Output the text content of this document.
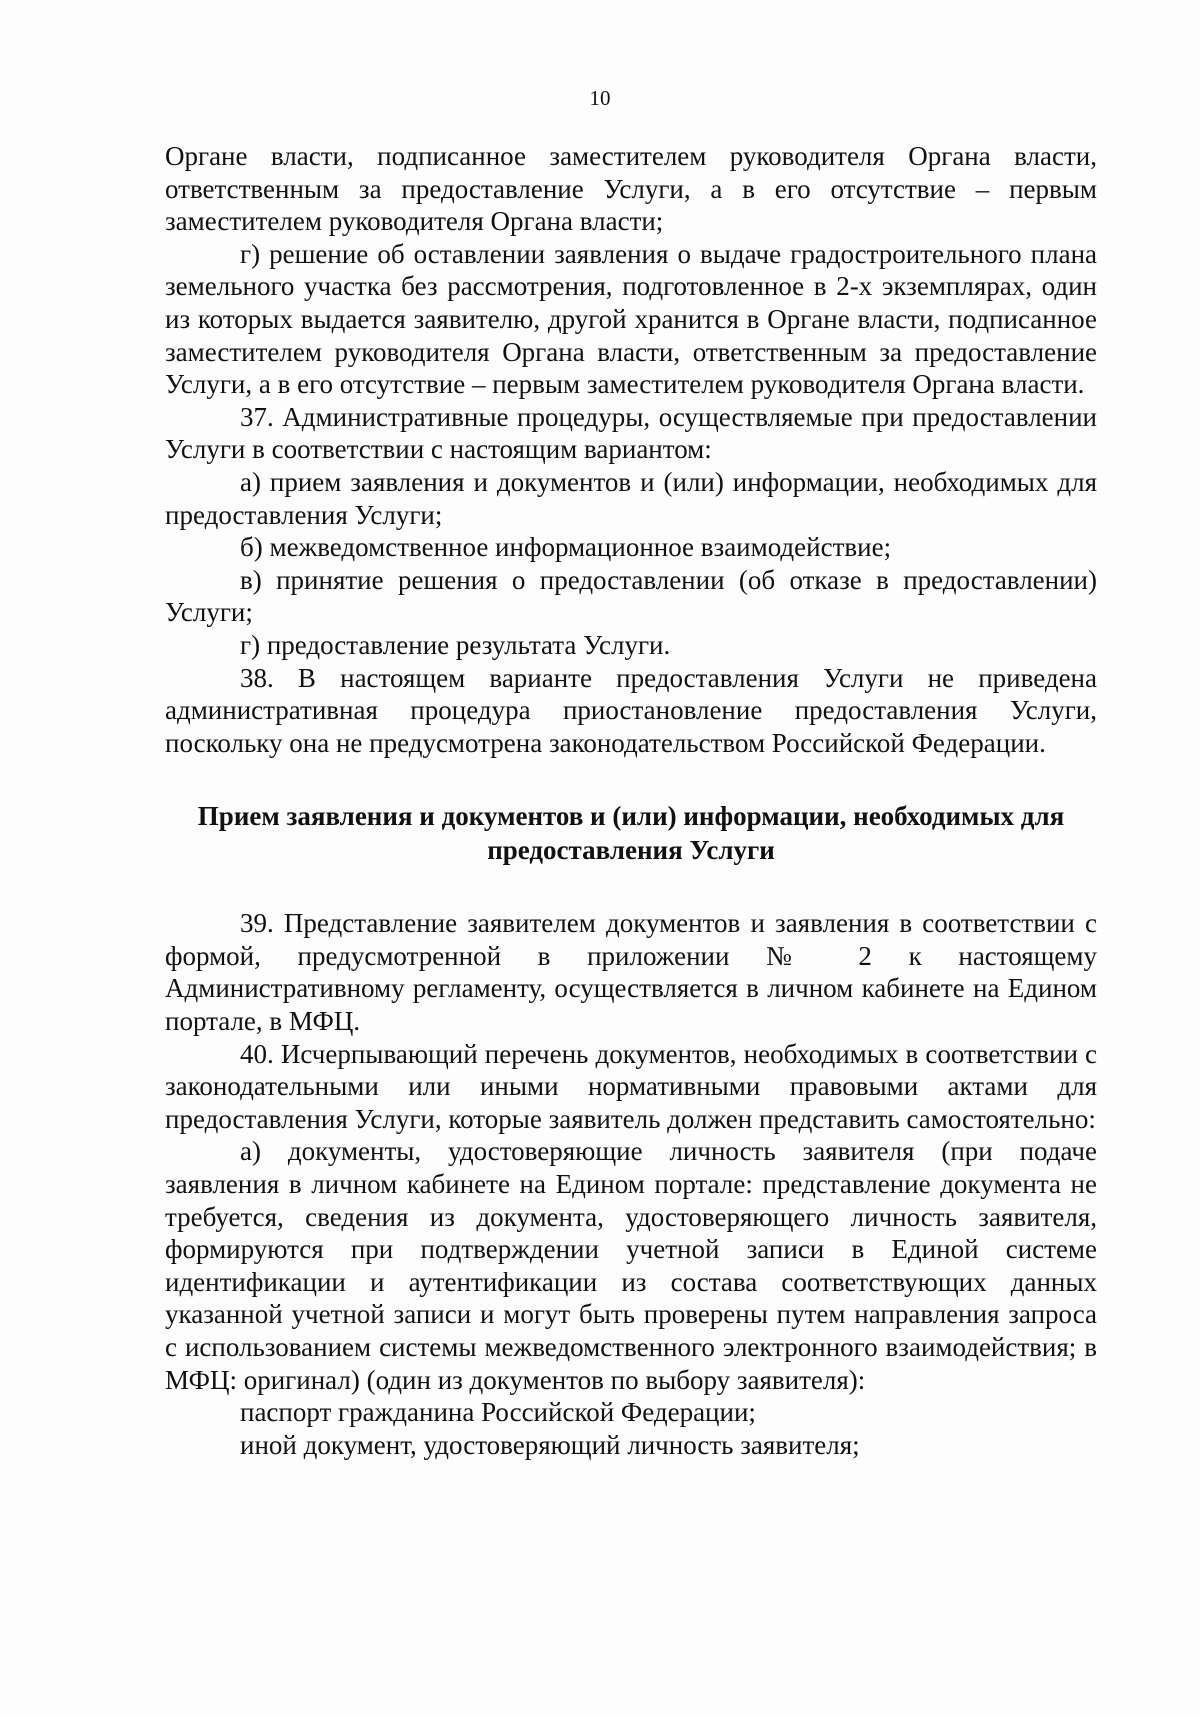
10

Органе власти, подписанное заместителем руководителя Органа власти, ответственным за предоставление Услуги, а в его отсутствие – первым заместителем руководителя Органа власти;

г) решение об оставлении заявления о выдаче градостроительного плана земельного участка без рассмотрения, подготовленное в 2-х экземплярах, один из которых выдается заявителю, другой хранится в Органе власти, подписанное заместителем руководителя Органа власти, ответственным за предоставление Услуги, а в его отсутствие – первым заместителем руководителя Органа власти.

37. Административные процедуры, осуществляемые при предоставлении Услуги в соответствии с настоящим вариантом:

а) прием заявления и документов и (или) информации, необходимых для предоставления Услуги;

б) межведомственное информационное взаимодействие;

в) принятие решения о предоставлении (об отказе в предоставлении) Услуги;

г) предоставление результата Услуги.

38. В настоящем варианте предоставления Услуги не приведена административная процедура приостановление предоставления Услуги, поскольку она не предусмотрена законодательством Российской Федерации.

Прием заявления и документов и (или) информации, необходимых для предоставления Услуги

39. Представление заявителем документов и заявления в соответствии с формой, предусмотренной в приложении № 2 к настоящему Административному регламенту, осуществляется в личном кабинете на Едином портале, в МФЦ.

40. Исчерпывающий перечень документов, необходимых в соответствии с законодательными или иными нормативными правовыми актами для предоставления Услуги, которые заявитель должен представить самостоятельно:

а) документы, удостоверяющие личность заявителя (при подаче заявления в личном кабинете на Едином портале: представление документа не требуется, сведения из документа, удостоверяющего личность заявителя, формируются при подтверждении учетной записи в Единой системе идентификации и аутентификации из состава соответствующих данных указанной учетной записи и могут быть проверены путем направления запроса с использованием системы межведомственного электронного взаимодействия; в МФЦ: оригинал) (один из документов по выбору заявителя):

паспорт гражданина Российской Федерации;

иной документ, удостоверяющий личность заявителя;
